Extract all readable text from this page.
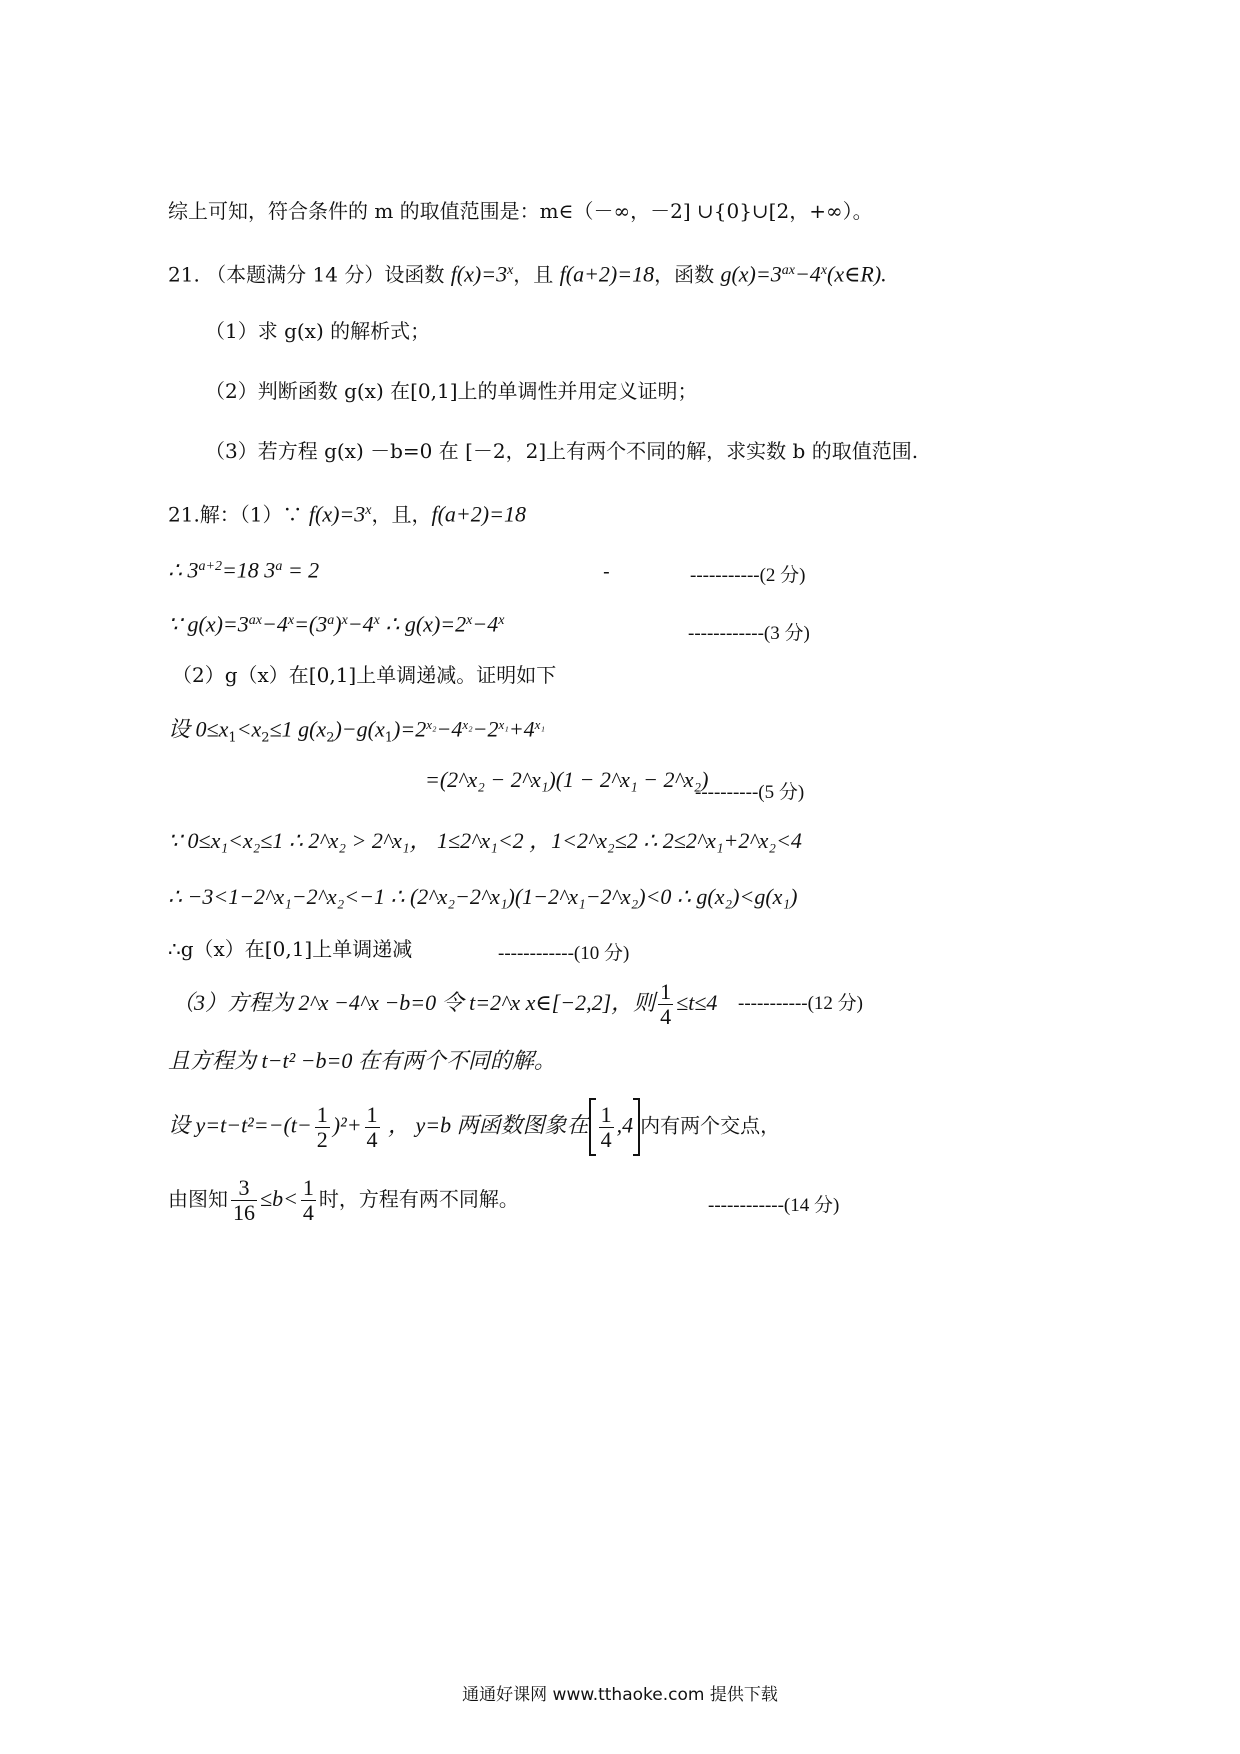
综上可知，符合条件的 m 的取值范围是：m∈（－∞，－2] ∪{0}∪[2，+∞）。
21. （本题满分 14 分）设函数 $f(x)=3^x$，且 f(a+2)=18，函数 $g(x)=3^{ax}-4^x(x\in R)$.
（1）求 g(x) 的解析式；
（2）判断函数 g(x) 在[0,1]上的单调性并用定义证明；
（3）若方程 g(x) －b=0 在 [－2，2]上有两个不同的解，求实数 b 的取值范围.
21.解：（1）∵ $f(x)=3^x$，且，f(a+2)=18
∴ $3^{a+2}=18$ $3^a = 2$	-	-----------(2 分)
∵ $g(x)=3^{ax}-4^x=(3^a)^x-4^x$ ∴ $g(x)=2^x-4^x$
------------(3 分)
（2）g（x）在[0,1]上单调递减。证明如下
设 $0\le x_1<x_2\le 1$ $g(x_2)-g(x_1)=2^{x_2}-4^{x_2}-2^{x_1}+4^{x_1}$
=(2^x₂ − 2^x₁)(1 − 2^x₁ − 2^x₂)
----------(5 分)
∵ 0≤x₁<x₂≤1 ∴ 2^x₂ > 2^x₁， 1≤2^x₁<2 ，1<2^x₂≤2 ∴ 2≤2^x₁+2^x₂<4
∴ −3<1−2^x₁−2^x₂<−1 ∴ (2^x₂−2^x₁)(1−2^x₁−2^x₂)<0 ∴ g(x₂)<g(x₁)
∴g（x）在[0,1]上单调递减	------------(10 分)
（3）方程为 2^x −4^x −b=0 令 t=2^x x∈[−2,2]，则 $\frac{1}{4} \le t\le 4$ -----------(12 分)
且方程为 t−t² −b=0 在有两个不同的解。
设 $y=t-t^2=-(t- \frac{1}{2} )^2+ \frac{1}{4}$ ， y=b 两函数图象在 $\frac{1}{4} ,4$ 内有两个交点，
由图知 $\frac{3}{16} \le b< \frac{1}{4}$ 时，方程有两不同解。	------------(14 分)
通通好课网 www.tthaoke.com 提供下载
